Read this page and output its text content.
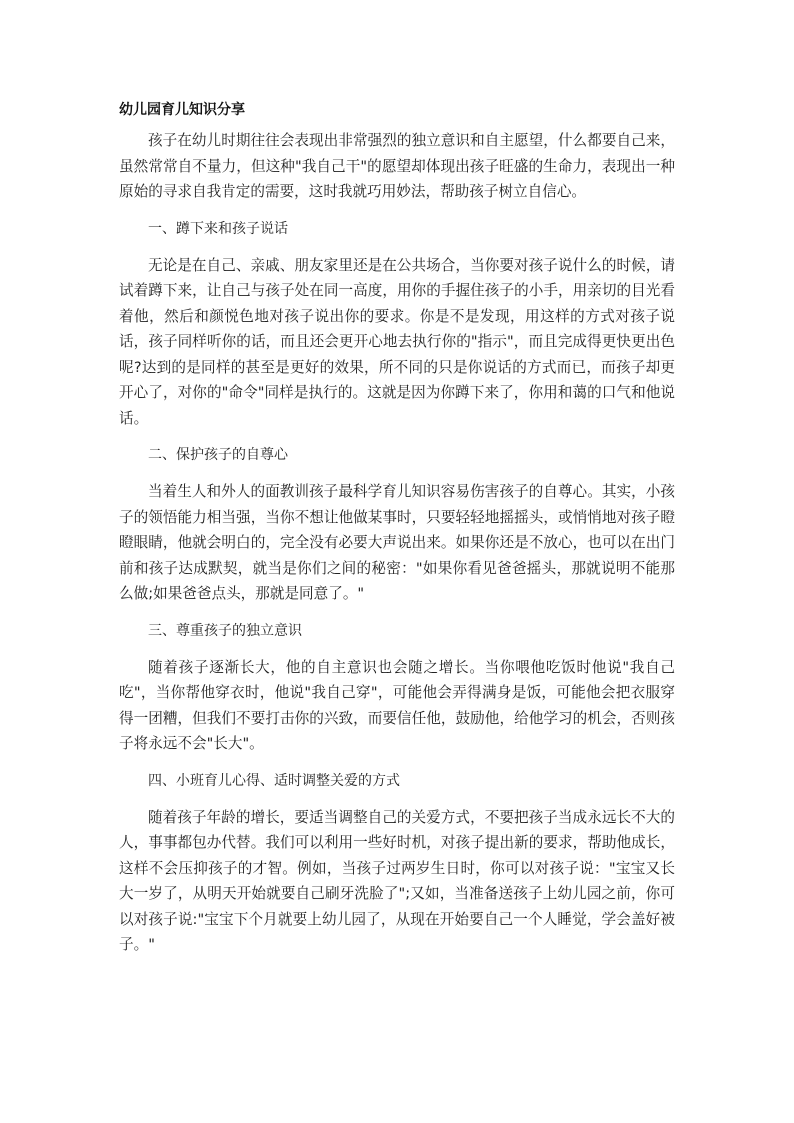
幼儿园育儿知识分享

孩子在幼儿时期往往会表现出非常强烈的独立意识和自主愿望，什么都要自己来，虽然常常自不量力，但这种"我自己干"的愿望却体现出孩子旺盛的生命力，表现出一种原始的寻求自我肯定的需要，这时我就巧用妙法，帮助孩子树立自信心。

一、蹲下来和孩子说话

无论是在自己、亲戚、朋友家里还是在公共场合，当你要对孩子说什么的时候，请试着蹲下来，让自己与孩子处在同一高度，用你的手握住孩子的小手，用亲切的目光看着他，然后和颜悦色地对孩子说出你的要求。你是不是发现，用这样的方式对孩子说话，孩子同样听你的话，而且还会更开心地去执行你的"指示"，而且完成得更快更出色呢?达到的是同样的甚至是更好的效果，所不同的只是你说话的方式而已，而孩子却更开心了，对你的"命令"同样是执行的。这就是因为你蹲下来了，你用和蔼的口气和他说话。

二、保护孩子的自尊心

当着生人和外人的面教训孩子最科学育儿知识容易伤害孩子的自尊心。其实，小孩子的领悟能力相当强，当你不想让他做某事时，只要轻轻地摇摇头，或悄悄地对孩子瞪瞪眼睛，他就会明白的，完全没有必要大声说出来。如果你还是不放心，也可以在出门前和孩子达成默契，就当是你们之间的秘密："如果你看见爸爸摇头，那就说明不能那么做;如果爸爸点头，那就是同意了。"

三、尊重孩子的独立意识

随着孩子逐渐长大，他的自主意识也会随之增长。当你喂他吃饭时他说"我自己吃"，当你帮他穿衣时，他说"我自己穿"，可能他会弄得满身是饭，可能他会把衣服穿得一团糟，但我们不要打击你的兴致，而要信任他，鼓励他，给他学习的机会，否则孩子将永远不会"长大"。

四、小班育儿心得、适时调整关爱的方式

随着孩子年龄的增长，要适当调整自己的关爱方式，不要把孩子当成永远长不大的人，事事都包办代替。我们可以利用一些好时机，对孩子提出新的要求，帮助他成长，这样不会压抑孩子的才智。例如，当孩子过两岁生日时，你可以对孩子说："宝宝又长大一岁了，从明天开始就要自己刷牙洗脸了";又如，当准备送孩子上幼儿园之前，你可以对孩子说:"宝宝下个月就要上幼儿园了，从现在开始要自己一个人睡觉，学会盖好被子。"
